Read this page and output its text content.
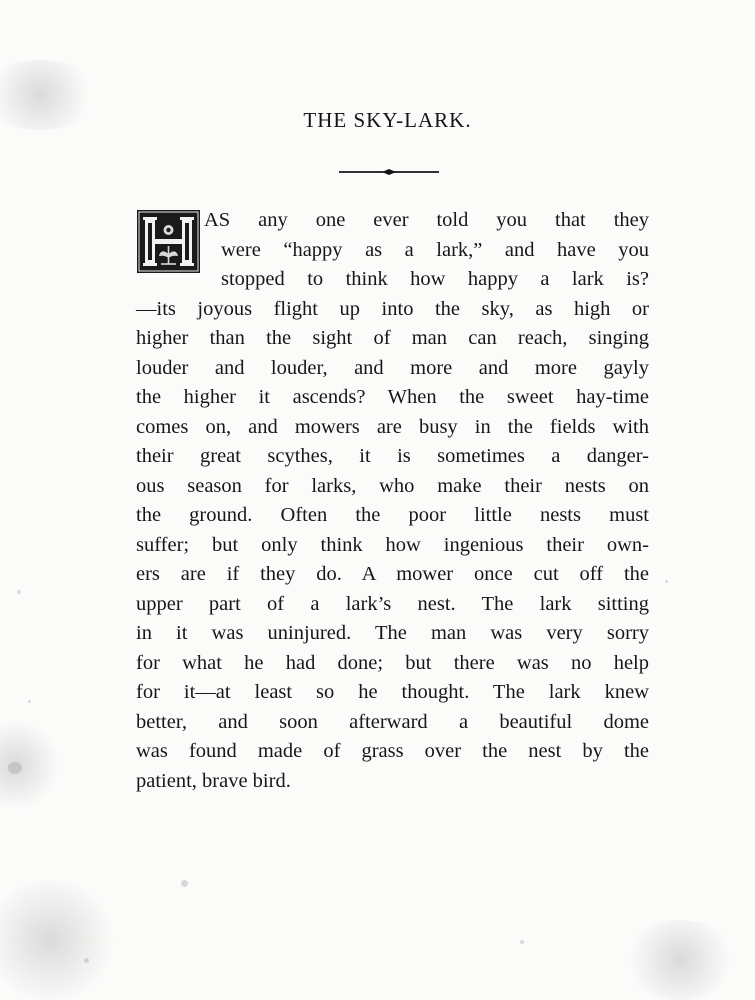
THE SKY-LARK.
AS any one ever told you that they
were “happy as a lark,” and have you
stopped to think how happy a lark is?
—its joyous flight up into the sky, as high or
higher than the sight of man can reach, singing
louder and louder, and more and more gayly
the higher it ascends? When the sweet hay-time
comes on, and mowers are busy in the fields with
their great scythes, it is sometimes a danger-
ous season for larks, who make their nests on
the ground. Often the poor little nests must
suffer; but only think how ingenious their own-
ers are if they do. A mower once cut off the
upper part of a lark’s nest. The lark sitting
in it was uninjured. The man was very sorry
for what he had done; but there was no help
for it—at least so he thought. The lark knew
better, and soon afterward a beautiful dome
was found made of grass over the nest by the
patient, brave bird.
